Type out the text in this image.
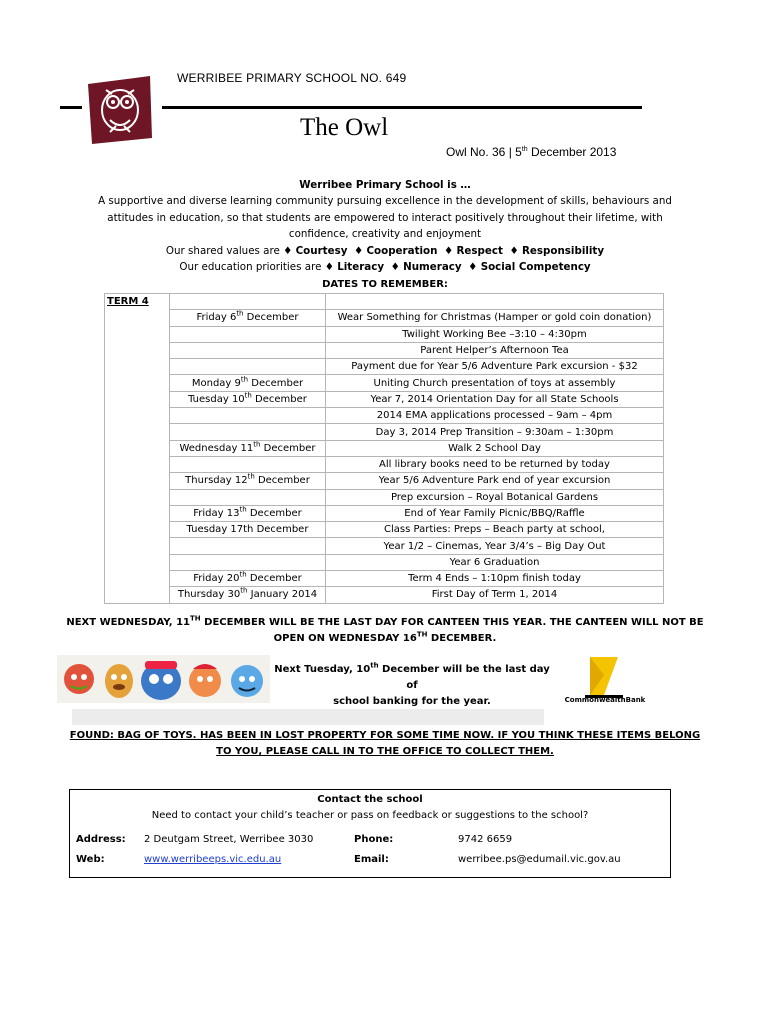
WERRIBEE PRIMARY SCHOOL NO. 649
The Owl
Owl No. 36 | 5th December 2013
Werribee Primary School is …
A supportive and diverse learning community pursuing excellence in the development of skills, behaviours and
attitudes in education, so that students are empowered to interact positively throughout their lifetime, with
confidence, creativity and enjoyment
Our shared values are ♦ Courtesy ♦ Cooperation ♦ Respect ♦ Responsibility
Our education priorities are ♦ Literacy ♦ Numeracy ♦ Social Competency
DATES TO REMEMBER:
TERM 4		
	Friday 6th December	Wear Something for Christmas (Hamper or gold coin donation)
		Twilight Working Bee –3:10 – 4:30pm
		Parent Helper’s Afternoon Tea
		Payment due for Year 5/6 Adventure Park excursion - $32
	Monday 9th December	Uniting Church presentation of toys at assembly
	Tuesday 10th December	Year 7, 2014 Orientation Day for all State Schools
		2014 EMA applications processed – 9am – 4pm
		Day 3, 2014 Prep Transition – 9:30am – 1:30pm
	Wednesday 11th December	Walk 2 School Day
		All library books need to be returned by today
	Thursday 12th December	Year 5/6 Adventure Park end of year excursion
		Prep excursion – Royal Botanical Gardens
	Friday 13th December	End of Year Family Picnic/BBQ/Raffle
	Tuesday 17th December	Class Parties: Preps – Beach party at school,
		Year 1/2 – Cinemas, Year 3/4’s – Big Day Out
		Year 6 Graduation
	Friday 20th December	Term 4 Ends – 1:10pm finish today
	Thursday 30th January 2014	First Day of Term 1, 2014
NEXT WEDNESDAY, 11TH DECEMBER WILL BE THE LAST DAY FOR CANTEEN THIS YEAR. THE CANTEEN WILL NOT BE
OPEN ON WEDNESDAY 16TH DECEMBER.
Next Tuesday, 10th December will be the last day of
school banking for the year.	CommonwealthBank
FOUND: BAG OF TOYS. HAS BEEN IN LOST PROPERTY FOR SOME TIME NOW. IF YOU THINK THESE ITEMS BELONG
TO YOU, PLEASE CALL IN TO THE OFFICE TO COLLECT THEM.
Contact the school
Need to contact your child’s teacher or pass on feedback or suggestions to the school?
Address: 2 Deutgam Street, Werribee 3030	Phone:	9742 6659
Web:	www.werribeeps.vic.edu.au	Email:	werribee.ps@edumail.vic.gov.au
